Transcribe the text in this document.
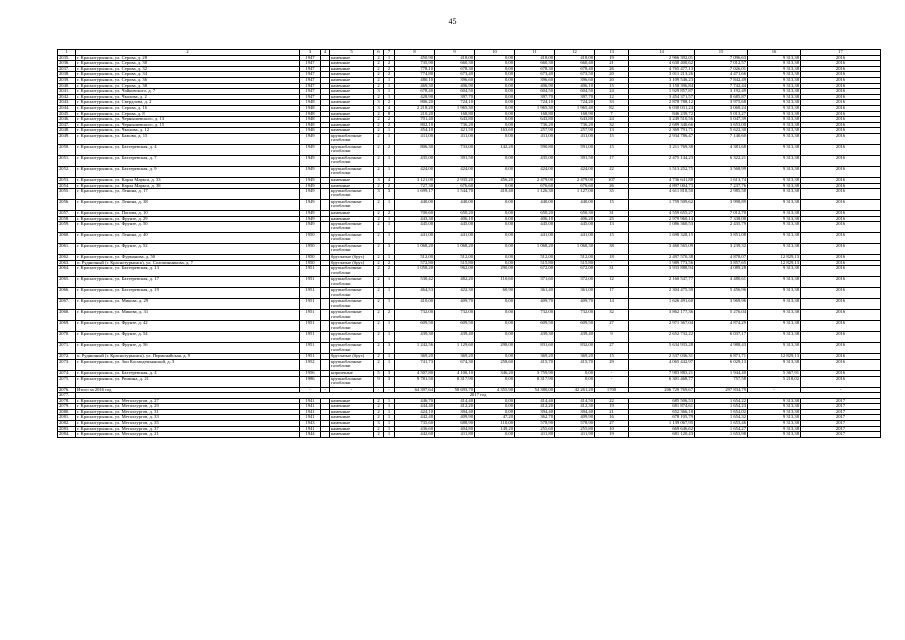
45
1	2	3	4	5	6	7	8	9	10	11	12	13	14	15	16	17
2035.	г. Краснотурьинск, ул. Серова, д. 28	1947		каменные	2	1	450,90	418,00	0,00	418,00	418,00	19	2 966 392,01	7 096,63	9 313,38	2016
2036.	г. Краснотурьинск, ул. Серова, д. 30	1947		каменные	2	2	735,90	660,30	0,00	660,30	660,40	21	4 630 400,62	7 012,57	9 313,38	2016
2037.	г. Краснотурьинск, ул. Серова, д. 32	1947		каменные	2	2	778,10	678,30	0,00	678,30	678,40	26	4 765 477,13	7 026,01	9 313,38	2016
2038.	г. Краснотурьинск, ул. Серова, д. 34	1947		каменные	2	2	774,80	673,40	0,00	673,40	673,50	20	3 011 213,26	4 471,66	9 313,38	2016
2039.	г. Краснотурьинск, ул. Серова, д. 36	1947		каменные	2	1	480,10	396,60	0,00	396,60	396,60	20	3 109 546,23	7 842,49	9 313,38	2016
2040.	г. Краснотурьинск, ул. Серова, д. 38	1947		каменные	2	1	469,30	406,90	0,00	406,90	406,10	15	3 150 396,84	7 742,44	9 313,38	2016
2041.	г. Краснотурьинск, ул. Чайковского, д. 7	1947		каменные	3	1	678,40	604,50	0,00	604,50	604,50	24	1 929 857,87	3 192,49	9 313,38	2016
2042.	г. Краснотурьинск, ул. Чкалова, д. 2	1947		каменные	2	1	428,90	397,70	0,00	397,70	397,70	12	3 454 371,57	8 685,87	9 313,38	2016
2043.	г. Краснотурьинск, ул. Свердлова, д. 2	1948		каменные	3	2	806,20	724,10	0,00	724,10	724,20	33	2 878 788,12	3 975,68	9 313,38	2016
2044.	г. Краснотурьинск, ул. Серова, д. 16	1948		каменные	3	4	2 218,20	1 965,30	0,00	1 965,30	1 965,40	82	6 030 031,24	3 068,24	9 313,38	2016
2045.	г. Краснотурьинск, ул. Серова, д. 8	1948		каменные	2	8	210,20	168,80	0,00	168,80	168,90	7	846 239,72	5 013,27	9 313,38	2016
2046.	г. Краснотурьинск, ул. Чернышевского, д. 13	1948		каменные	2	2	701,40	643,80	0,00	643,80	643,80	24	3 249 510,56	5 047,39	9 313,38	2016
2047.	г. Краснотурьинск, ул. Чернышевского, д. 15	1948		каменные	2	2	802,10	736,20	0,00	736,20	736,20	32	2 689 340,66	3 653,00	9 313,38	2016
2048.	г. Краснотурьинск, ул. Чкалова, д. 12	1948		каменные	2	1	454,10	421,50	163,60	257,90	257,90	13	2 369 791,71	5 622,30	9 313,38	2016
2049.	г. Краснотурьинск, ул. Бажова, д. 15	1949		крупноблочные газоблоки	2	1	411,00	411,00	0,00	411,00	411,00	15	2 934 786,47	7 140,60	9 313,38	2016
2050.	г. Краснотурьинск, ул. Бахтеревская, д. 4	1949		крупноблочные газоблоки	2	2	806,30	733,00	142,20	590,80	591,00	15	3 211 769,38	4 381,68	9 313,38	2016
2051.	г. Краснотурьинск, ул. Бахтеревская, д. 7	1949		крупноблочные газоблоки	2	1	435,00	391,50	0,00	435,00	391,50	17	2 475 144,23	6 322,21	9 313,38	2016
2052.	г. Краснотурьинск, ул. Бахтеревская, д. 9	1949		крупноблочные газоблоки	2	1	424,00	424,00	0,00	424,00	424,00	22	1 513 252,75	3 568,99	9 313,38	2016
2053.	г. Краснотурьинск, ул. Карла Маркса, д. 33	1949		каменные	3	4	3 121,00	2 935,20	456,20	2 479,00	2 479,00	107	4 736 641,88	1 613,74	9 313,38	2016
2054.	г. Краснотурьинск, ул. Карла Маркса, д. 38	1949		каменные	2	2	727,30	676,60	0,00	676,60	676,60	26	4 897 004,73	7 237,76	9 313,38	2016
2055.	г. Краснотурьинск, ул. Ленина, д. 17	1949		крупноблочные газоблоки	3	3	1 699,17	1 544,70	418,40	1 126,30	1 127,00	35	4 611 818,50	2 985,58	9 313,38	2016
2056.	г. Краснотурьинск, ул. Ленина, д. 38	1949		крупноблочные газоблоки	2	1	440,00	440,00	0,00	440,00	440,00	15	1 759 509,62	3 998,89	9 313,38	2016
2057.	г. Краснотурьинск, ул. Попова, д. 10	1949		каменные	2	2	700,60	650,20	0,00	650,20	650,30	31	4 559 655,27	7 012,70	9 313,38	2016
2058.	г. Краснотурьинск, ул. Фрунзе, д. 29	1949		каменные	2	1	443,30	406,10	0,00	406,10	406,20	25	2 979 960,14	7 338,00	9 313,38	2016
2059.	г. Краснотурьинск, ул. Фрунзе, д. 50	1949		крупноблочные газоблоки	2	1	445,00	445,00	0,00	445,00	445,00	13	1 086 360,53	2 435,79	9 313,38	2016
2060.	г. Краснотурьинск, ул. Ленина, д. 40	1950		крупноблочные газоблоки	2	1	441,00	441,00	0,00	441,00	441,00	15	1 698 328,15	3 851,08	9 313,38	2016
2061.	г. Краснотурьинск, ул. Фрунзе, д. 52	1950		крупноблочные газоблоки	2	3	1 068,20	1 068,20	0,00	1 068,20	1 068,30	38	3 460 565,09	3 239,32	9 313,38	2016
2062.	г. Краснотурьинск, ул. Фурманова, д. 50	1950		брусчатые (брус)	2	1	512,00	512,00	0,00	512,00	512,00	18	2 497 570,38	4 878,07	12 829,13	2016
2063.	п. Рудничный (г. Краснотурьинск), ул. Соломинникова, д. 7	1950		брусчатые (брус)	2	2	572,80	515,80	0,00	515,80	515,80	-	1 989 773,56	3 857,65	12 829,13	2016
2064.	г. Краснотурьинск, ул. Бахтеревская, д. 13	1951		крупноблочные газоблоки	2	2	1 058,20	962,00	290,00	672,00	672,00	31	3 933 888,94	4 089,28	9 313,38	2016
2065.	г. Краснотурьинск, ул. Бахтеревская, д. 17	1951		крупноблочные газоблоки	2	1	530,42	482,20	110,60	371,60	372,00	12	2 160 547,77	4 480,61	9 313,38	2016
2066.	г. Краснотурьинск, ул. Бахтеревская, д. 19	1951		крупноблочные газоблоки	2	1	464,53	422,30	60,90	361,40	361,00	17	2 304 475,39	5 456,96	9 313,38	2016
2067.	г. Краснотурьинск, ул. Микова, д. 29	1951		крупноблочные газоблоки	2	1	410,00	409,70	0,00	409,70	409,70	14	1 626 491,60	3 969,96	9 313,38	2016
2068.	г. Краснотурьинск, ул. Микова, д. 31	1951		крупноблочные газоблоки	2	2	732,00	732,00	0,00	732,00	732,00	32	3 862 177,36	5 276,04	9 313,38	2016
2069.	г. Краснотурьинск, ул. Фрунзе, д. 42	1951		крупноблочные газоблоки	2	1	609,50	609,50	0,00	609,50	609,50	27	2 971 367,04	4 874,29	9 313,38	2016
2070.	г. Краснотурьинск, ул. Фрунзе, д. 54	1951		крупноблочные газоблоки	2	1	439,30	439,40	0,00	439,30	439,40	9	2 652 732,22	6 037,17	9 313,38	2016
2071.	г. Краснотурьинск, ул. Фрунзе, д. 56	1951		крупноблочные газоблоки	2	3	1 242,56	1 129,60	298,00	831,60	832,00	27	5 634 933,28	4 988,43	9 313,38	2016
2072.	п. Рудничный (г. Краснотурьинск), ул. Пермонайская, д. 9	1951		брусчатые (брус)	2	1	369,20	369,20	0,00	369,20	369,20	15	2 537 036,31	6 871,71	12 829,13	2016
2073.	г. Краснотурьинск, ул. Зои Космодемьянской, д. 3	1952		крупноблочные газоблоки	2	1	741,73	674,30	258,60	415,70	415,70	29	4 065 442,97	6 029,13	9 313,38	2016
2074.	г. Краснотурьинск, ул. Бахтеревская, д. 4	1956		кирпичные	5	3	4 507,80	4 106,10	346,20	3 759,90	0,00	-	7 983 883,21	1 944,40	5 367,91	2016
2075.	г. Краснотурьинск, ул. Рюмина, д. 21	1986		крупноблочные газоблоки	9	3	9 781,50	8 317,90	0,00	8 317,90	0,00	-	6 301 468,77	757,58	5 218,02	2016
2076.	Итого за 2016 год	-	-	-	-	-	64 397,64	58 693,70	4 355,90	54 380,00	42 261,20	1700	206 729 769,67	297 834,79	-	-
2077.	2017 год															
2078.	г. Краснотурьинск, ул. Металлургов, д. 27	1941		каменные	2	1	446,70	414,40	0,00	414,40	414,50	22	685 506,53	1 654,22	9 313,38	2017
2079.	г. Краснотурьинск, ул. Металлургов, д. 29	1941		каменные	2	1	444,40	412,20	0,00	412,20	412,30	19	681 874,61	1 654,23	9 313,38	2017
2080.	г. Краснотурьинск, ул. Металлургов, д. 31	1941		каменные	2	1	424,10	394,40	0,00	394,40	394,40	21	652 366,18	1 654,02	9 313,38	2017
2081.	г. Краснотурьинск, ул. Металлургов, д. 33	1941		каменные	2	1	442,40	409,90	47,20	362,70	409,90	16	678 105,79	1 654,32	9 313,38	2017
2082.	г. Краснотурьинск, ул. Металлургов, д. 35	1943		каменные	3	1	735,60	688,90	110,00	578,90	578,90	27	1 139 067,95	1 653,46	9 313,38	2017
2083.	г. Краснотурьинск, ул. Металлургов, д. 37	1941		каменные	2	1	436,60	404,80	149,20	255,60	255,80	10	669 646,62	1 654,27	9 313,38	2017
2084.	г. Краснотурьинск, ул. Металлургов, д. 21	1944		каменные	2	1	442,60	411,80	0,00	411,80	411,90	19	681 120,43	1 653,98	9 313,38	2017
